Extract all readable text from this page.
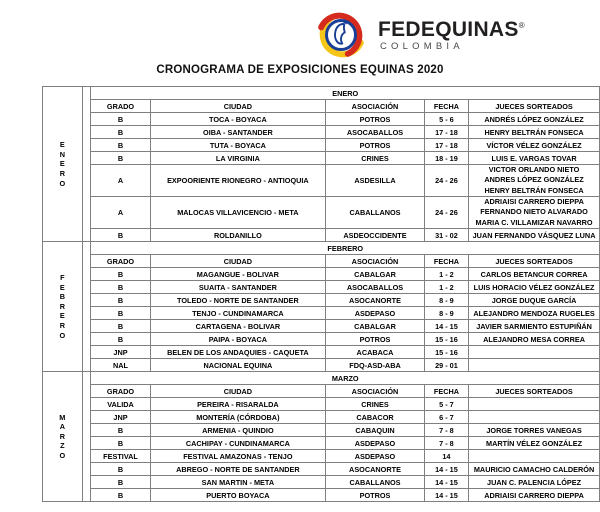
FEDEQUINAS®
COLOMBIA
CRONOGRAMA DE EXPOSICIONES EQUINAS 2020
E
N
E
R
O		ENERO				
		GRADO	CIUDAD	ASOCIACIÓN	FECHA	JUECES SORTEADOS
		B	TOCA - BOYACA	POTROS	5 - 6	ANDRÉS LÓPEZ GONZÁLEZ
		B	OIBA - SANTANDER	ASOCABALLOS	17 - 18	HENRY BELTRÁN FONSECA
		B	TUTA - BOYACA	POTROS	17 - 18	VÍCTOR VÉLEZ GONZÁLEZ
		B	LA VIRGINIA	CRINES	18 - 19	LUIS E. VARGAS TOVAR
		A	EXPOORIENTE RIONEGRO - ANTIOQUIA	ASDESILLA	24 - 26	VICTOR ORLANDO NIETO
ANDRES LÓPEZ GONZÁLEZ
HENRY BELTRÁN FONSECA

		A	MALOCAS VILLAVICENCIO - META	CABALLANOS	24 - 26	ADRIAISI CARRERO DIEPPA
FERNANDO NIETO ALVARADO
MARIA C. VILLAMIZAR NAVARRO

		B	ROLDANILLO	ASDEOCCIDENTE	31 - 02	JUAN FERNANDO VÁSQUEZ LUNA

F
E
B
R
E
R
O
		FEBRERO
		GRADO	CIUDAD	ASOCIACIÓN	FECHA	JUECES SORTEADOS
		B	MAGANGUE - BOLIVAR	CABALGAR	1 - 2	CARLOS BETANCUR CORREA
		B	SUAITA - SANTANDER	ASOCABALLOS	1 - 2	LUIS HORACIO VÉLEZ GONZÁLEZ
		B	TOLEDO - NORTE DE SANTANDER	ASOCANORTE	8 - 9	JORGE DUQUE GARCÍA
		B	TENJO - CUNDINAMARCA	ASDEPASO	8 - 9	ALEJANDRO MENDOZA RUGELES
		B	CARTAGENA - BOLIVAR	CABALGAR	14 - 15	JAVIER SARMIENTO ESTUPIÑÁN
		B	PAIPA - BOYACA	POTROS	15 - 16	ALEJANDRO MESA CORREA
		JNP	BELEN DE LOS ANDAQUIES - CAQUETA	ACABACA	15 - 16	
		NAL	NACIONAL EQUINA	FDQ-ASD-ABA	29 - 01	

M
A
R
Z
O		MARZO				
		GRADO	CIUDAD	ASOCIACIÓN	FECHA	JUECES SORTEADOS
		VALIDA	PEREIRA - RISARALDA	CRINES	5 - 7	
		JNP	MONTERÍA (CÓRDOBA)	CABACOR	6 - 7	
		B	ARMENIA - QUINDIO	CABAQUIN	7 - 8	JORGE TORRES VANEGAS
		B	CACHIPAY - CUNDINAMARCA	ASDEPASO	7 - 8	MARTÍN VÉLEZ GONZÁLEZ
		FESTIVAL	FESTIVAL AMAZONAS - TENJO	ASDEPASO	14	
		B	ABREGO - NORTE DE SANTANDER	ASOCANORTE	14 - 15	MAURICIO CAMACHO CALDERÓN
		B	SAN MARTIN - META	CABALLANOS	14 - 15	JUAN C. PALENCIA LÓPEZ
		B	PUERTO BOYACA	POTROS	14 - 15	ADRIAISI CARRERO DIEPPA
